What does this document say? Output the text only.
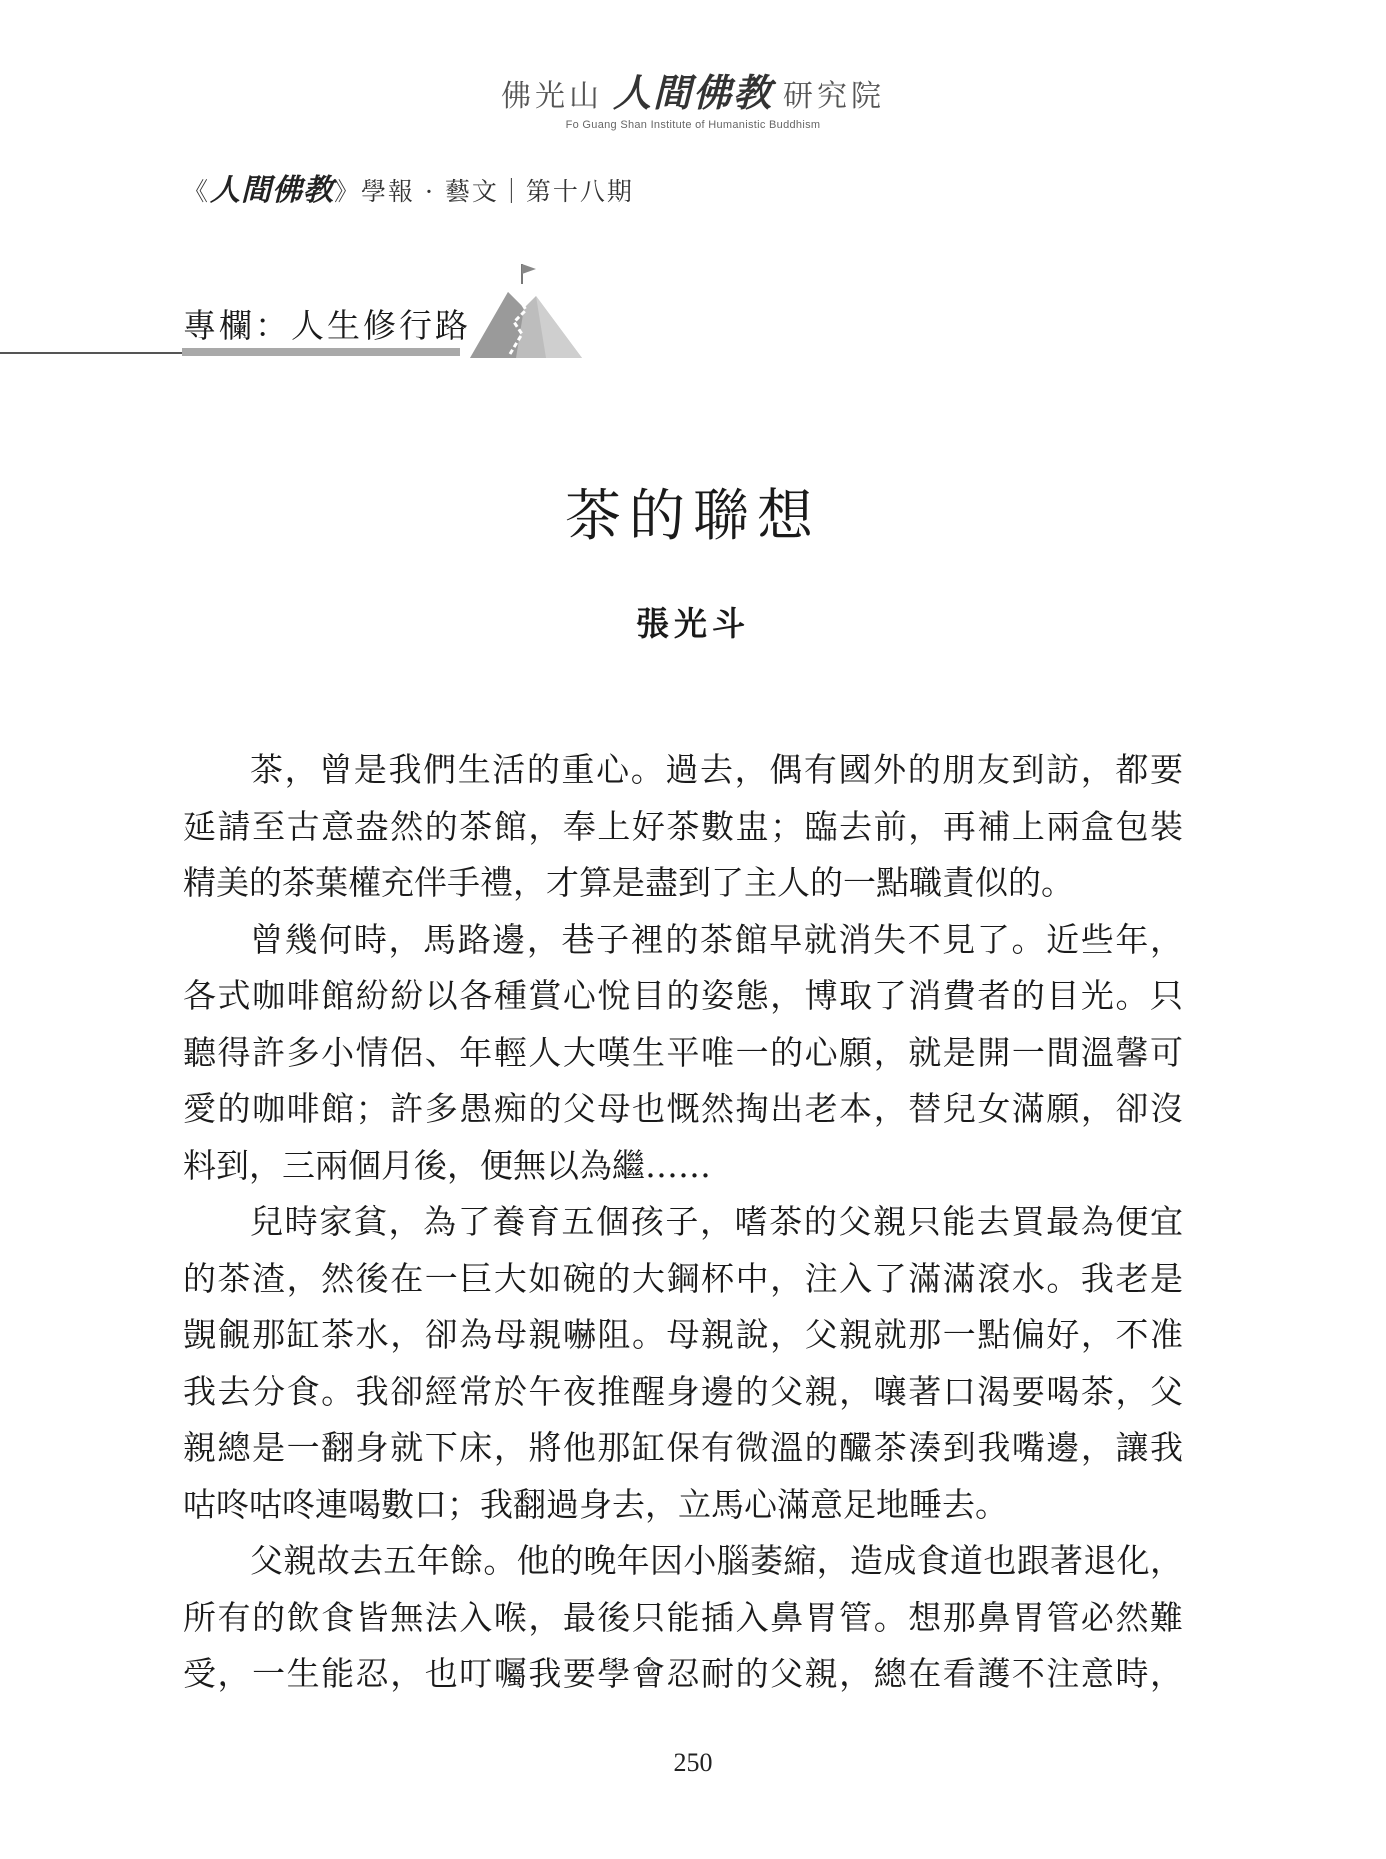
佛光山 人間佛教 研究院
Fo Guang Shan Institute of Humanistic Buddhism
《 人間佛教 》學報 · 藝文｜第十八期
專欄：人生修行路
茶的聯想
張光斗
茶，曾是我們生活的重心。過去，偶有國外的朋友到訪，都要
延請至古意盎然的茶館，奉上好茶數盅；臨去前，再補上兩盒包裝
精美的茶葉權充伴手禮，才算是盡到了主人的一點職責似的。
曾幾何時，馬路邊，巷子裡的茶館早就消失不見了。近些年，
各式咖啡館紛紛以各種賞心悅目的姿態，博取了消費者的目光。只
聽得許多小情侶、年輕人大嘆生平唯一的心願，就是開一間溫馨可
愛的咖啡館；許多愚痴的父母也慨然掏出老本，替兒女滿願，卻沒
料到，三兩個月後，便無以為繼……
兒時家貧，為了養育五個孩子，嗜茶的父親只能去買最為便宜
的茶渣，然後在一巨大如碗的大鋼杯中，注入了滿滿滾水。我老是
覬覦那缸茶水，卻為母親嚇阻。母親說，父親就那一點偏好，不准
我去分食。我卻經常於午夜推醒身邊的父親，嚷著口渴要喝茶，父
親總是一翻身就下床，將他那缸保有微溫的釅茶湊到我嘴邊，讓我
咕咚咕咚連喝數口；我翻過身去，立馬心滿意足地睡去。
父親故去五年餘。他的晚年因小腦萎縮，造成食道也跟著退化，
所有的飲食皆無法入喉，最後只能插入鼻胃管。想那鼻胃管必然難
受，一生能忍，也叮囑我要學會忍耐的父親，總在看護不注意時，
250
